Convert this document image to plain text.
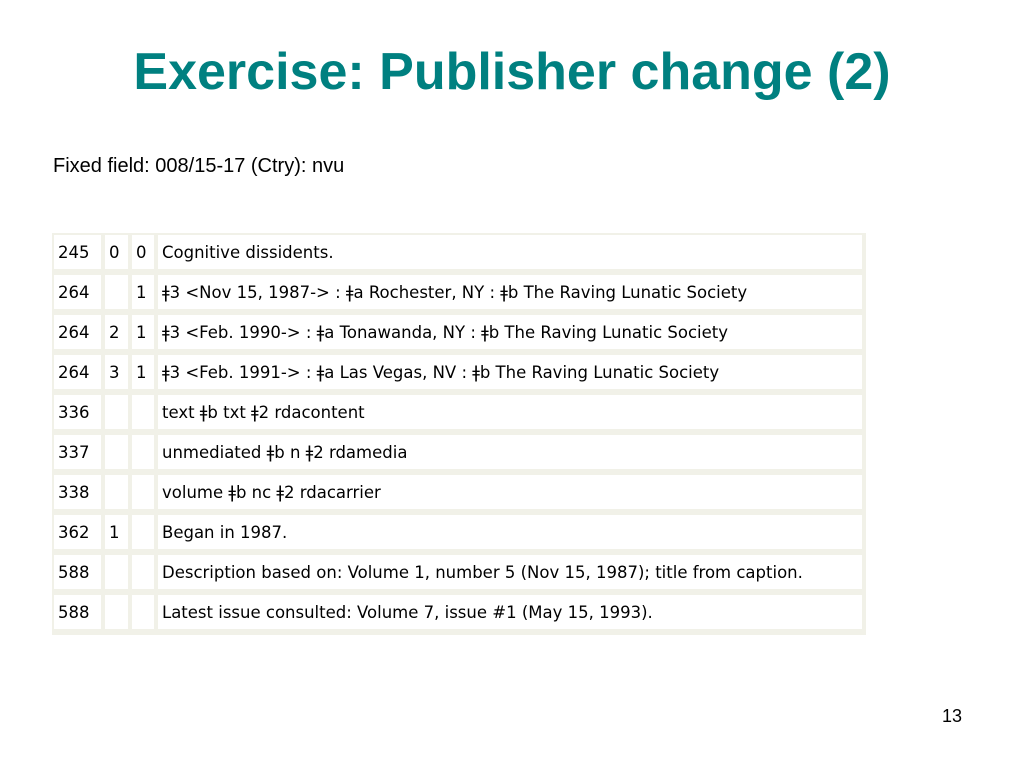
Exercise: Publisher change (2)
Fixed field: 008/15-17 (Ctry): nvu
245	0	0	Cognitive dissidents.
264		1	ǂ3 <Nov 15, 1987-> : ǂa Rochester, NY : ǂb The Raving Lunatic Society
264	2	1	ǂ3 <Feb. 1990-> : ǂa Tonawanda, NY : ǂb The Raving Lunatic Society
264	3	1	ǂ3 <Feb. 1991-> : ǂa Las Vegas, NV : ǂb The Raving Lunatic Society
336			text ǂb txt ǂ2 rdacontent
337			unmediated ǂb n ǂ2 rdamedia
338			volume ǂb nc ǂ2 rdacarrier
362	1		Began in 1987.
588			Description based on: Volume 1, number 5 (Nov 15, 1987); title from caption.
588			Latest issue consulted: Volume 7, issue #1 (May 15, 1993).
13
